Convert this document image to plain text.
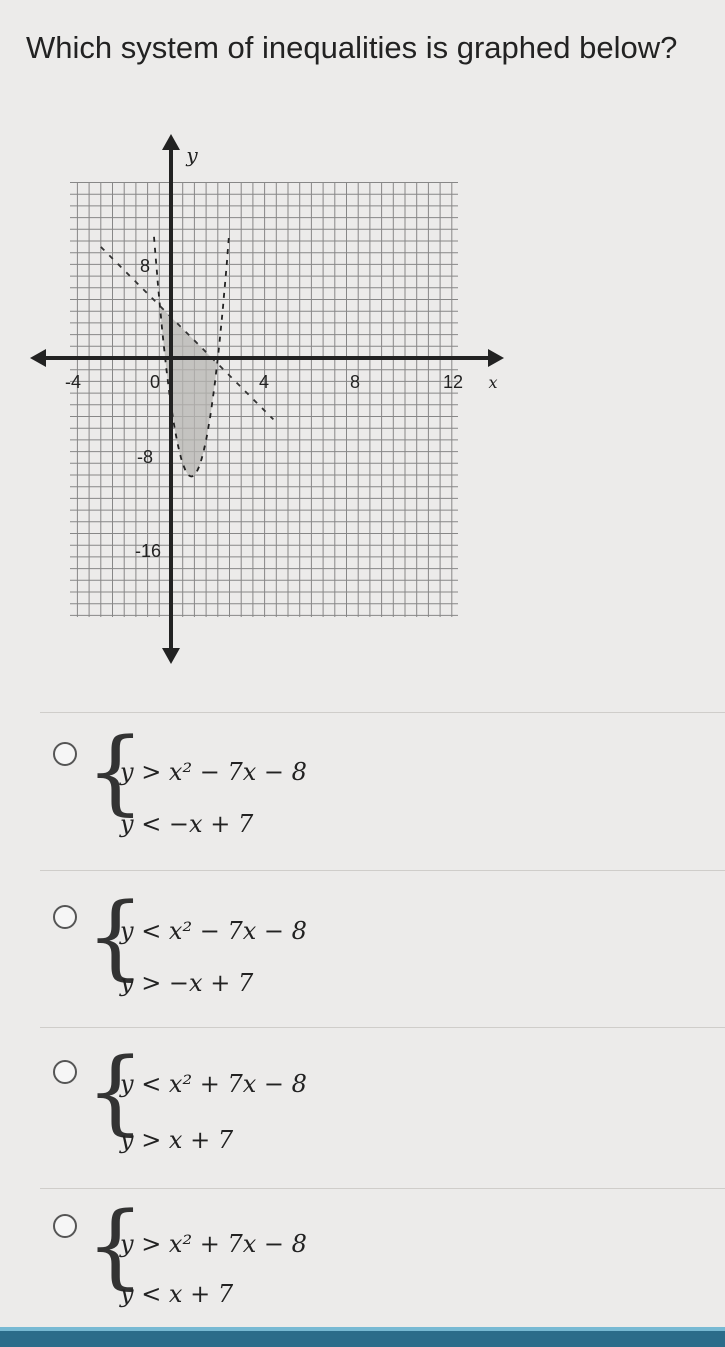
Which system of inequalities is graphed below?
y
x
-4	0	4	8	12
8
-8
-16
{
y > x² − 7x − 8
y < −x + 7
{
y < x² − 7x − 8
y > −x + 7
{
y < x² + 7x − 8
y > x + 7
{
y > x² + 7x − 8
y < x + 7
